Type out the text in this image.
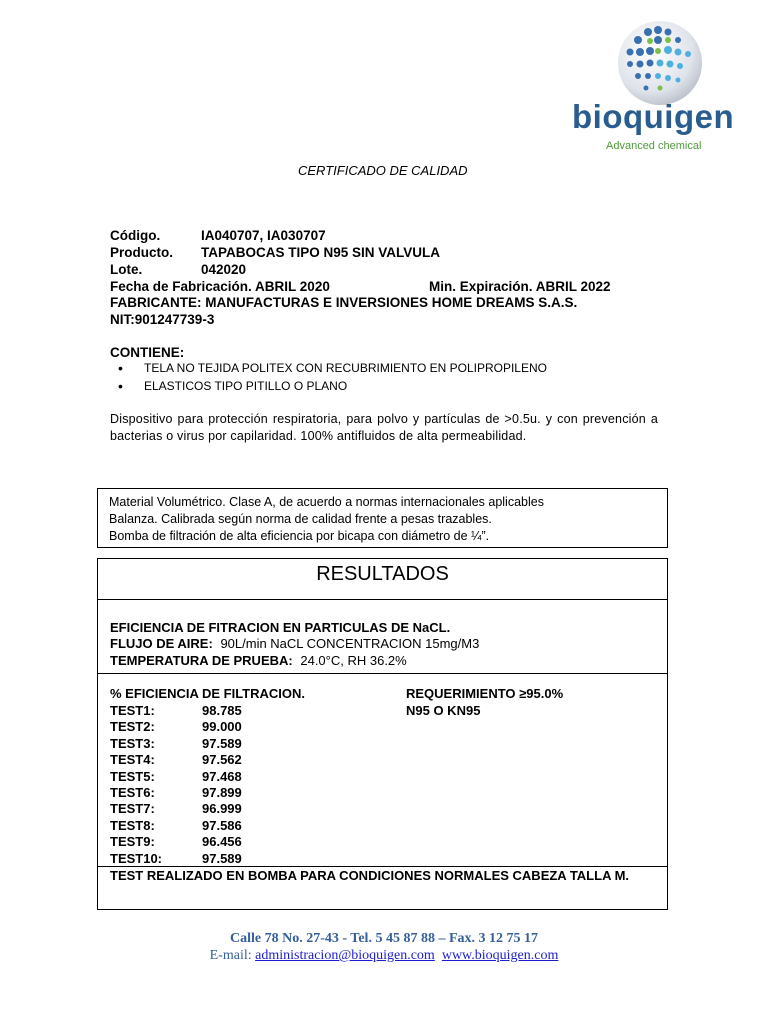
bioquigen
Advanced chemical
CERTIFICADO DE CALIDAD
Código.	IA040707, IA030707
Producto. TAPABOCAS TIPO N95 SIN VALVULA
Lote.	042020
Fecha de Fabricación. ABRIL 2020	Min. Expiración. ABRIL 2022
FABRICANTE: MANUFACTURAS E INVERSIONES HOME DREAMS S.A.S.
NIT:901247739-3
CONTIENE:
• TELA NO TEJIDA POLITEX CON RECUBRIMIENTO EN POLIPROPILENO
• ELASTICOS TIPO PITILLO O PLANO
Dispositivo para protección respiratoria, para polvo y partículas de >0.5u. y con prevención a bacterias o virus por capilaridad. 100% antifluidos de alta permeabilidad.
Material Volumétrico. Clase A, de acuerdo a normas internacionales aplicables
Balanza. Calibrada según norma de calidad frente a pesas trazables.
Bomba de filtración de alta eficiencia por bicapa con diámetro de ¼”.
RESULTADOS
EFICIENCIA DE FITRACION EN PARTICULAS DE NaCL.
FLUJO DE AIRE: 90L/min NaCL CONCENTRACION 15mg/M3
TEMPERATURA DE PRUEBA: 24.0°C, RH 36.2%
% EFICIENCIA DE FILTRACION.	REQUERIMIENTO ≥95.0%
N95 O KN95
TEST1:	98.785
TEST2:	99.000
TEST3:	97.589
TEST4:	97.562
TEST5:	97.468
TEST6:	97.899
TEST7:	96.999
TEST8:	97.586
TEST9:	96.456
TEST10:	97.589
TEST REALIZADO EN BOMBA PARA CONDICIONES NORMALES CABEZA TALLA M.
Calle 78 No. 27-43 - Tel. 5 45 87 88 – Fax. 3 12 75 17
E-mail: administracion@bioquigen.com www.bioquigen.com
